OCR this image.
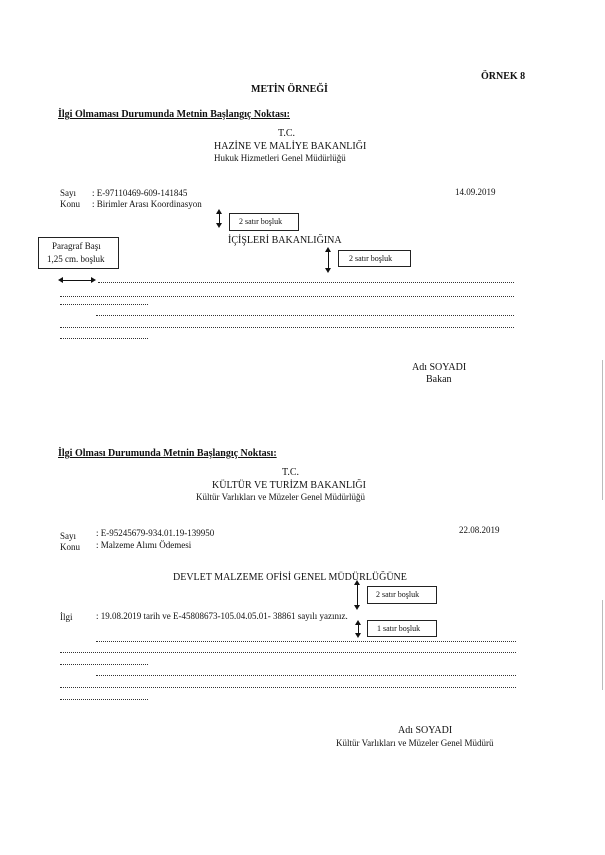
ÖRNEK 8
METİN ÖRNEĞİ
İlgi Olmaması Durumunda Metnin Başlangıç Noktası:
T.C.
HAZİNE VE MALİYE BAKANLIĞI
Hukuk Hizmetleri Genel Müdürlüğü
Sayı : E-97110469-609-141845
Konu : Birimler Arası Koordinasyon
14.09.2019
2 satır boşluk
İÇİŞLERİ BAKANLIĞINA
2 satır boşluk
Paragraf Başı
1,25 cm. boşluk
Adı SOYADI
Bakan
İlgi Olması Durumunda Metnin Başlangıç Noktası:
T.C.
KÜLTÜR VE TURİZM BAKANLIĞI
Kültür Varlıkları ve Müzeler Genel Müdürlüğü
Sayı : E-95245679-934.01.19-139950
Konu : Malzeme Alımı Ödemesi
22.08.2019
DEVLET MALZEME OFİSİ GENEL MÜDÜRLÜĞÜNE
2 satır boşluk
İlgi	: 19.08.2019 tarih ve E-45808673-105.04.05.01- 38861 sayılı yazınız.
1 satır boşluk
Adı SOYADI
Kültür Varlıkları ve Müzeler Genel Müdürü
